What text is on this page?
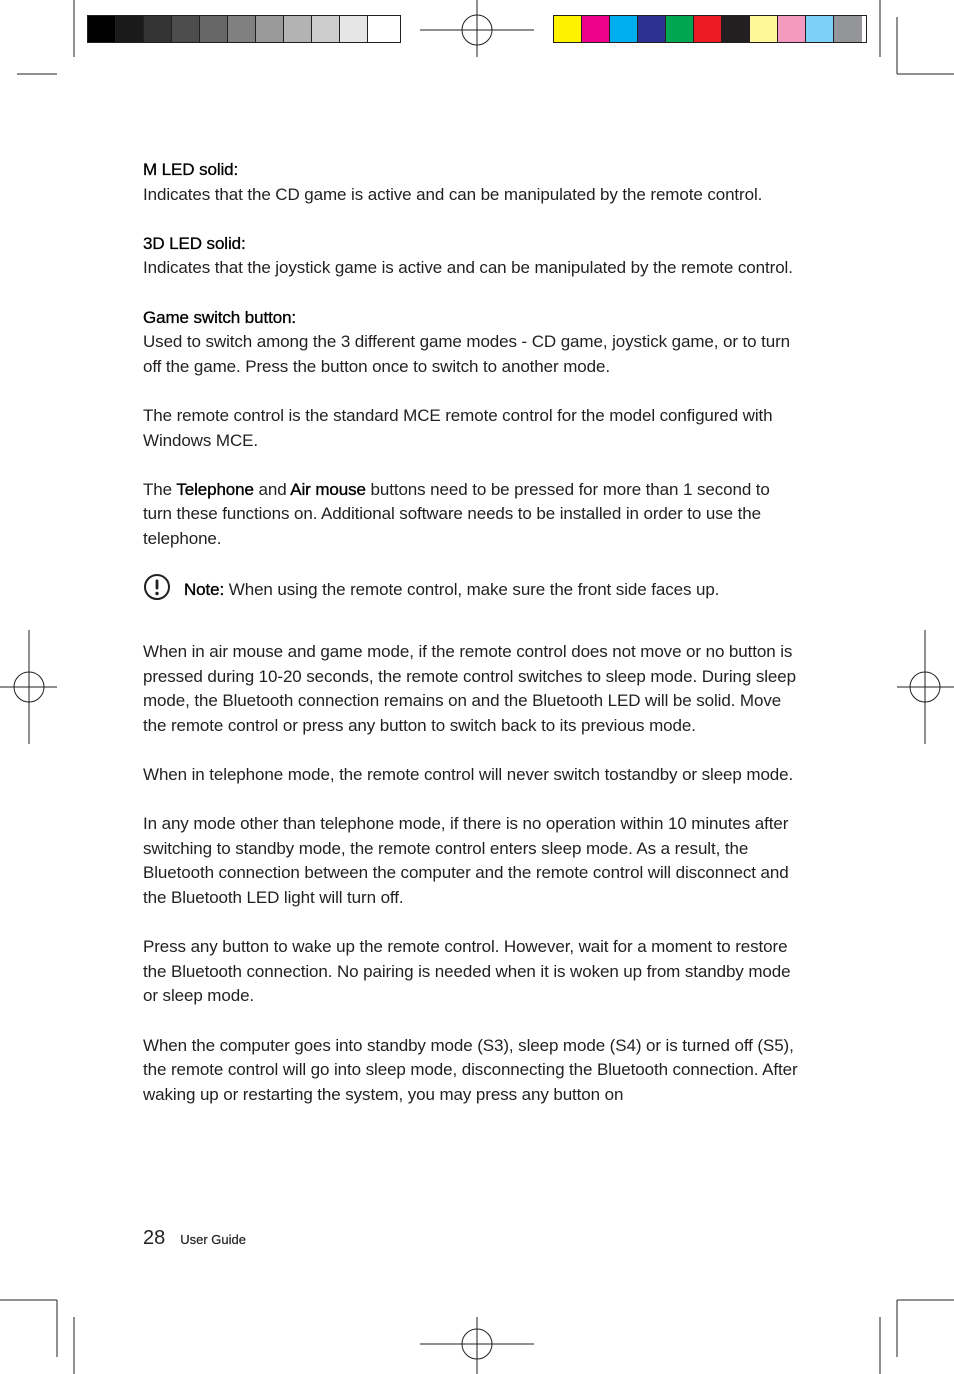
M LED solid:
Indicates that the CD game is active and can be manipulated by the remote control.

3D LED solid:
Indicates that the joystick game is active and can be manipulated by the remote control.

Game switch button:
Used to switch among the 3 different game modes - CD game, joystick game, or to turn off the game. Press the button once to switch to another mode.

The remote control is the standard MCE remote control for the model configured with Windows MCE.

The Telephone and Air mouse buttons need to be pressed for more than 1 second to turn these functions on. Additional software needs to be installed in order to use the telephone.

Note: When using the remote control, make sure the front side faces up.

When in air mouse and game mode, if the remote control does not move or no button is pressed during 10-20 seconds, the remote control switches to sleep mode. During sleep mode, the Bluetooth connection remains on and the Bluetooth LED will be solid. Move the remote control or press any button to switch back to its previous mode.

When in telephone mode, the remote control will never switch tostandby or sleep mode.

In any mode other than telephone mode, if there is no operation within 10 minutes after switching to standby mode, the remote control enters sleep mode. As a result, the Bluetooth connection between the computer and the remote control will disconnect and the Bluetooth LED light will turn off.

Press any button to wake up the remote control. However, wait for a moment to restore the Bluetooth connection. No pairing is needed when it is woken up from standby mode or sleep mode.

When the computer goes into standby mode (S3), sleep mode (S4) or is turned off (S5), the remote control will go into sleep mode, disconnecting the Bluetooth connection. After waking up or restarting the system, you may press any button on

28 User Guide
